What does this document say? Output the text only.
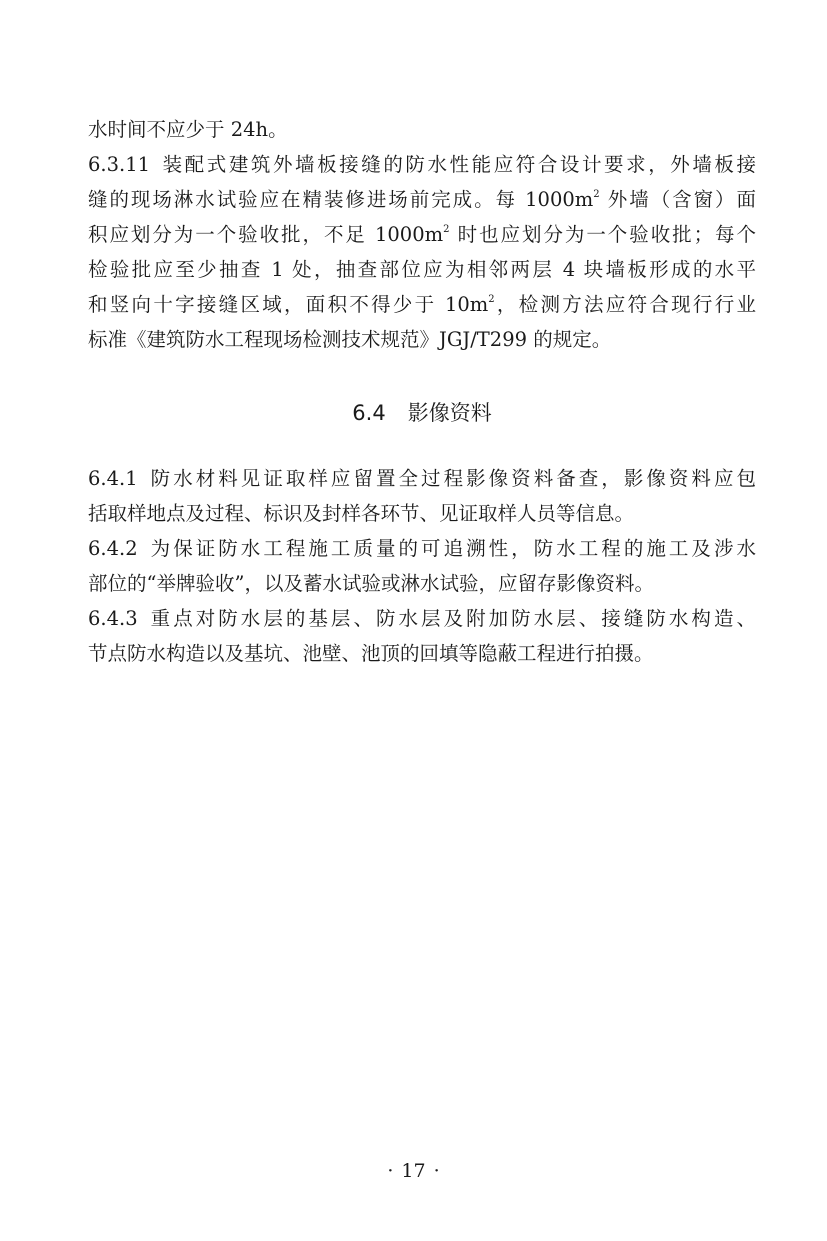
水时间不应少于 24h。
6.3.11 装配式建筑外墙板接缝的防水性能应符合设计要求，外墙板接
缝的现场淋水试验应在精装修进场前完成。每 $1000m^2$ 外墙（含窗）面
积应划分为一个验收批，不足 $1000m^2$ 时也应划分为一个验收批；每个
检验批应至少抽查 1 处，抽查部位应为相邻两层 4 块墙板形成的水平
和竖向十字接缝区域，面积不得少于 $10m^2$，检测方法应符合现行行业
标准《建筑防水工程现场检测技术规范》JGJ/T299 的规定。
6.4 影像资料
6.4.1 防水材料见证取样应留置全过程影像资料备查，影像资料应包
括取样地点及过程、标识及封样各环节、见证取样人员等信息。
6.4.2 为保证防水工程施工质量的可追溯性，防水工程的施工及涉水
部位的“举牌验收”，以及蓄水试验或淋水试验，应留存影像资料。
6.4.3 重点对防水层的基层、防水层及附加防水层、接缝防水构造、
节点防水构造以及基坑、池壁、池顶的回填等隐蔽工程进行拍摄。
· 17 ·
